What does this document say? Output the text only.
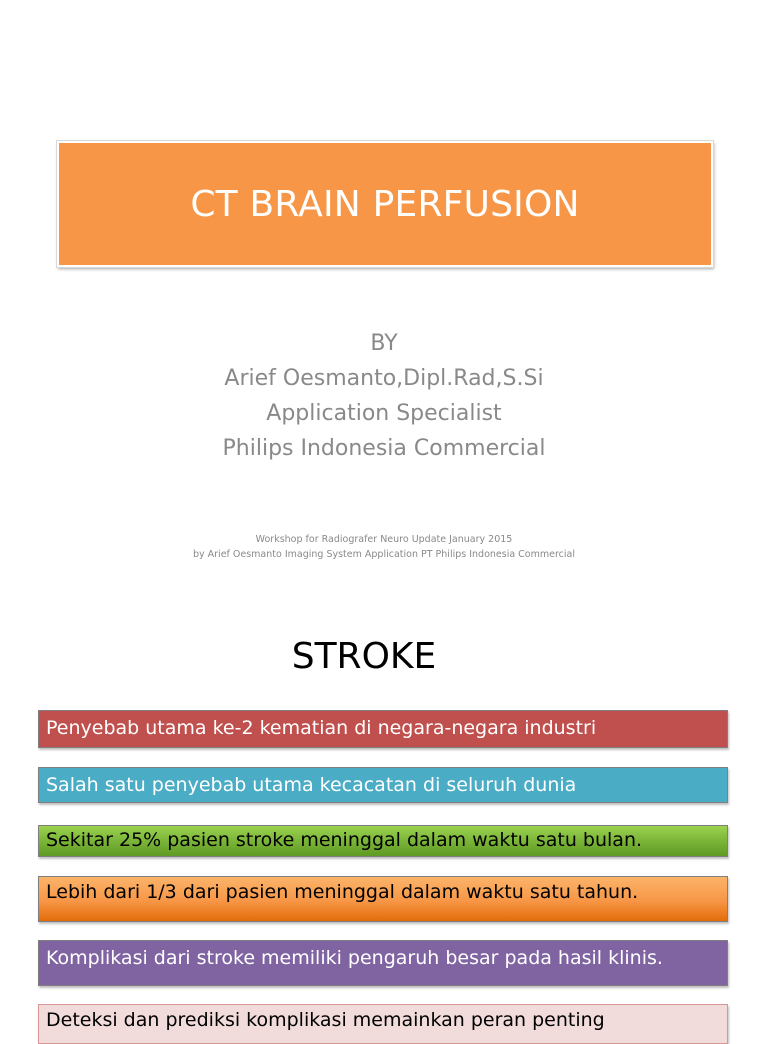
CT BRAIN PERFUSION
BY
Arief Oesmanto,Dipl.Rad,S.Si
Application Specialist
Philips Indonesia Commercial
Workshop for Radiografer Neuro Update January 2015
by Arief Oesmanto Imaging System Application PT Philips Indonesia Commercial
STROKE
Penyebab utama ke-2 kematian di negara-negara industri
Salah satu penyebab utama kecacatan di seluruh dunia
Sekitar 25% pasien stroke meninggal dalam waktu satu bulan.
Lebih dari 1/3 dari pasien meninggal dalam waktu satu tahun.
Komplikasi dari stroke memiliki pengaruh besar pada hasil klinis.
Deteksi dan prediksi komplikasi memainkan peran penting
